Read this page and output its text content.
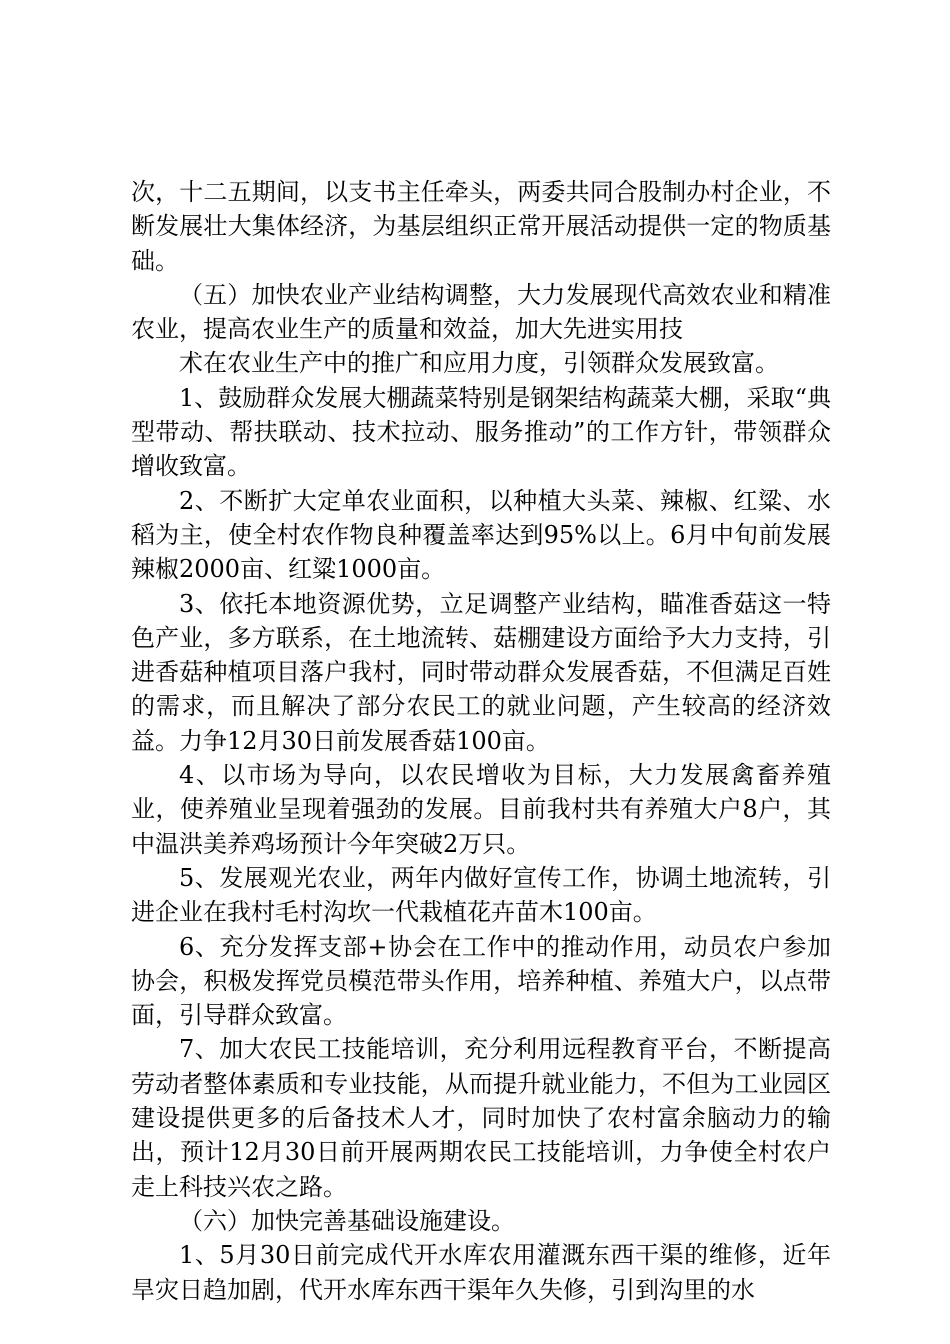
次，十二五期间，以支书主任牵头，两委共同合股制办村企业，不断发展壮大集体经济，为基层组织正常开展活动提供一定的物质基础。

（五）加快农业产业结构调整，大力发展现代高效农业和精准农业，提高农业生产的质量和效益，加大先进实用技

术在农业生产中的推广和应用力度，引领群众发展致富。

1、鼓励群众发展大棚蔬菜特别是钢架结构蔬菜大棚，采取“典型带动、帮扶联动、技术拉动、服务推动”的工作方针，带领群众增收致富。

2、不断扩大定单农业面积，以种植大头菜、辣椒、红粱、水稻为主，使全村农作物良种覆盖率达到95%以上。6月中旬前发展辣椒2000亩、红粱1000亩。

3、依托本地资源优势，立足调整产业结构，瞄准香菇这一特色产业，多方联系，在土地流转、菇棚建设方面给予大力支持，引进香菇种植项目落户我村，同时带动群众发展香菇，不但满足百姓的需求，而且解决了部分农民工的就业问题，产生较高的经济效益。力争12月30日前发展香菇100亩。

4、以市场为导向，以农民增收为目标，大力发展禽畜养殖业，使养殖业呈现着强劲的发展。目前我村共有养殖大户8户，其中温洪美养鸡场预计今年突破2万只。

5、发展观光农业，两年内做好宣传工作，协调土地流转，引进企业在我村毛村沟坎一代栽植花卉苗木100亩。

6、充分发挥支部+协会在工作中的推动作用，动员农户参加协会，积极发挥党员模范带头作用，培养种植、养殖大户，以点带面，引导群众致富。

7、加大农民工技能培训，充分利用远程教育平台，不断提高劳动者整体素质和专业技能，从而提升就业能力，不但为工业园区建设提供更多的后备技术人才，同时加快了农村富余脑动力的输出，预计12月30日前开展两期农民工技能培训，力争使全村农户走上科技兴农之路。

（六）加快完善基础设施建设。

1、5月30日前完成代开水库农用灌溉东西干渠的维修，近年旱灾日趋加剧，代开水库东西干渠年久失修，引到沟里的水
